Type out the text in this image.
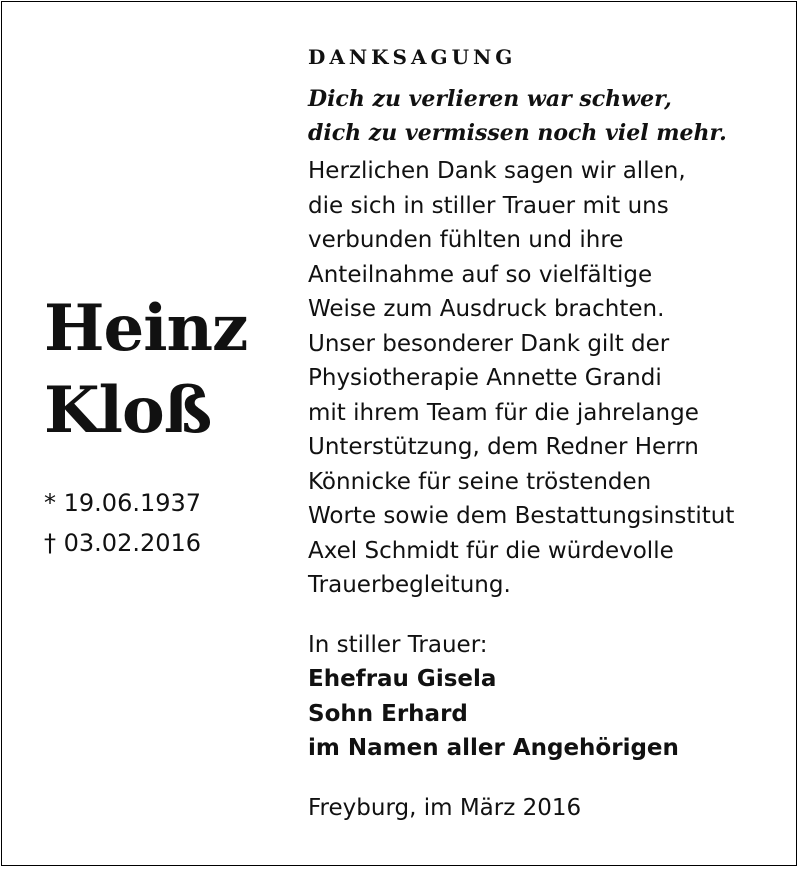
Heinz
Kloß
* 19.06.1937
† 03.02.2016
DANKSAGUNG
Dich zu verlieren war schwer,
dich zu vermissen noch viel mehr.
Herzlichen Dank sagen wir allen,
die sich in stiller Trauer mit uns
verbunden fühlten und ihre
Anteilnahme auf so vielfältige
Weise zum Ausdruck brachten.
Unser besonderer Dank gilt der
Physiotherapie Annette Grandi
mit ihrem Team für die jahrelange
Unterstützung, dem Redner Herrn
Könnicke für seine tröstenden
Worte sowie dem Bestattungsinstitut
Axel Schmidt für die würdevolle
Trauerbegleitung.
In stiller Trauer:
Ehefrau Gisela
Sohn Erhard
im Namen aller Angehörigen
Freyburg, im März 2016
